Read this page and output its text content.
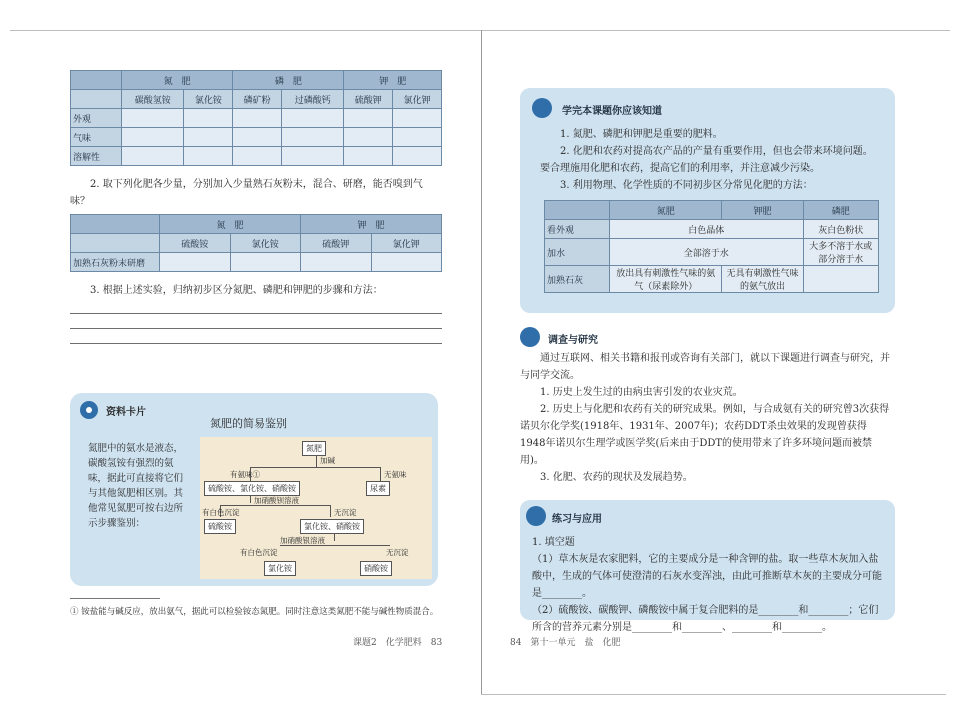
	氮　肥		磷　肥		钾　肥	
	碳酸氢铵	氯化铵	磷矿粉	过磷酸钙	硫酸钾	氯化钾
外观						
气味						
溶解性						

2. 取下列化肥各少量，分别加入少量熟石灰粉末，混合、研磨，能否嗅到气味？

	氮　肥		钾　肥	
	硫酸铵	氯化铵	硫酸钾	氯化钾
加熟石灰粉末研磨				

3. 根据上述实验，归纳初步区分氮肥、磷肥和钾肥的步骤和方法：

资料卡片
氮肥的简易鉴别
氮肥中的氨水是液态，碳酸氢铵有强烈的氨味，据此可直接将它们与其他氮肥相区别。其他常见氮肥可按右边所示步骤鉴别：
氮肥
加碱
有氨味①	无氨味
硫酸铵、氯化铵、硝酸铵	尿素
加硝酸钡溶液
有白色沉淀	无沉淀
硫酸铵	氯化铵、硝酸铵
加硝酸银溶液
有白色沉淀	无沉淀
氯化铵	硝酸铵
① 铵盐能与碱反应，放出氨气，据此可以检验铵态氮肥。同时注意这类氮肥不能与碱性物质混合。
课题2　化学肥料　83
学完本课题你应该知道

1. 氮肥、磷肥和钾肥是重要的肥料。

2. 化肥和农药对提高农产品的产量有重要作用，但也会带来环境问题。要合理施用化肥和农药，提高它们的利用率，并注意减少污染。

3. 利用物理、化学性质的不同初步区分常见化肥的方法：

	氮肥	钾肥	磷肥
看外观	白色晶体		灰白色粉状
加水	全部溶于水		大多不溶于水或部分溶于水
加熟石灰	放出具有刺激性气味的氨气（尿素除外）	无具有刺激性气味的氨气放出	
调查与研究

通过互联网、相关书籍和报刊或咨询有关部门，就以下课题进行调查与研究，并与同学交流。

1. 历史上发生过的由病虫害引发的农业灾荒。

2. 历史上与化肥和农药有关的研究成果。例如，与合成氨有关的研究曾3次获得诺贝尔化学奖(1918年、1931年、2007年)；农药DDT杀虫效果的发现曾获得1948年诺贝尔生理学或医学奖(后来由于DDT的使用带来了许多环境问题而被禁用)。

3. 化肥、农药的现状及发展趋势。

练习与应用

1. 填空题

（1）草木灰是农家肥料，它的主要成分是一种含钾的盐。取一些草木灰加入盐酸中，生成的气体可使澄清的石灰水变浑浊，由此可推断草木灰的主要成分可能是________。

（2）硫酸铵、碳酸钾、磷酸铵中属于复合肥料的是________和________；它们所含的营养元素分别是________和________、________和________。

84　第十一单元　盐　化肥
